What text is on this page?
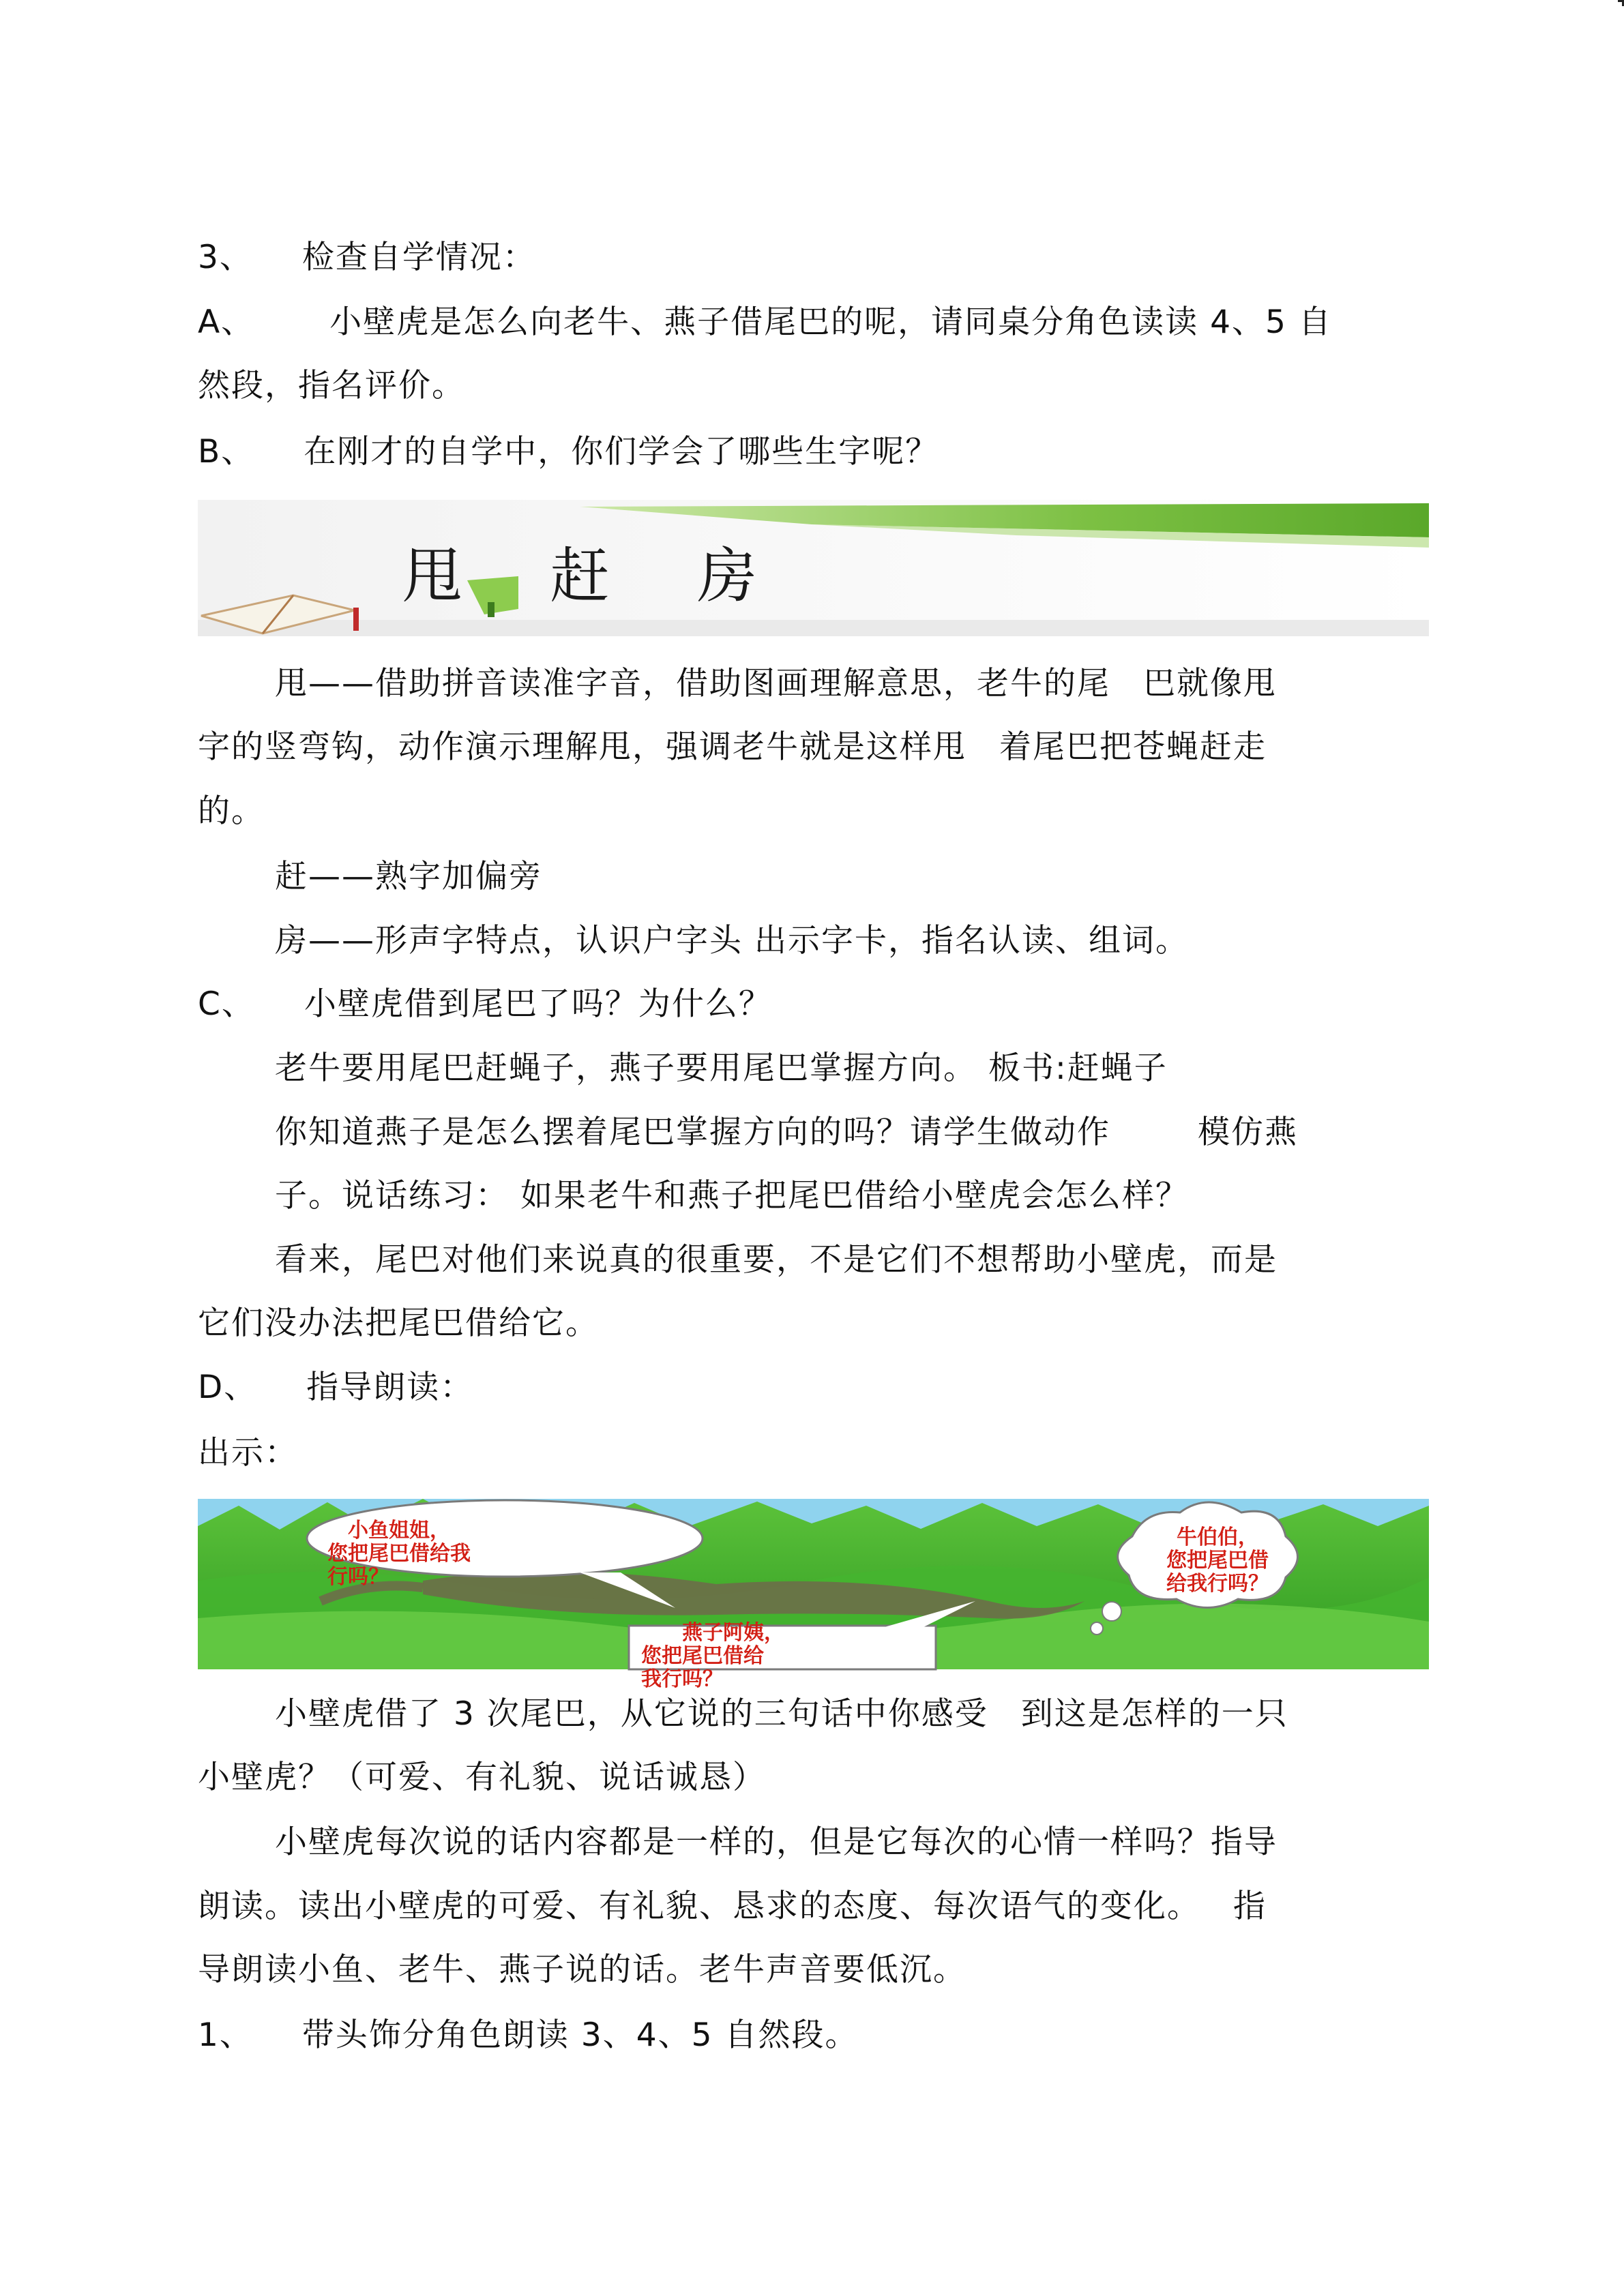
3、 检查自学情况：
A、 小壁虎是怎么向老牛、燕子借尾巴的呢，请同桌分角色读读 4、5 自
然段，指名评价。
B、 在刚才的自学中，你们学会了哪些生字呢？
甩 赶 房
甩——借助拼音读准字音，借助图画理解意思，老牛的尾 巴就像甩
字的竖弯钩，动作演示理解甩，强调老牛就是这样甩 着尾巴把苍蝇赶走
的。
赶——熟字加偏旁
房——形声字特点，认识户字头 出示字卡，指名认读、组词。
C、 小壁虎借到尾巴了吗？为什么？
老牛要用尾巴赶蝇子，燕子要用尾巴掌握方向。 板书:赶蝇子
你知道燕子是怎么摆着尾巴掌握方向的吗？请学生做动作	模仿燕
子。说话练习： 如果老牛和燕子把尾巴借给小壁虎会怎么样？
看来，尾巴对他们来说真的很重要，不是它们不想帮助小壁虎，而是
它们没办法把尾巴借给它。
D、 指导朗读：
出示：
小鱼姐姐，
您把尾巴借给我
行吗？
牛伯伯，
您把尾巴借
给我行吗？
燕子阿姨，
您把尾巴借给
我行吗？
小壁虎借了 3 次尾巴，从它说的三句话中你感受 到这是怎样的一只
小壁虎？（可爱、有礼貌、说话诚恳）
小壁虎每次说的话内容都是一样的，但是它每次的心情一样吗？指导
朗读。读出小壁虎的可爱、有礼貌、恳求的态度、每次语气的变化。 指
导朗读小鱼、老牛、燕子说的话。老牛声音要低沉。
1、 带头饰分角色朗读 3、4、5 自然段。
